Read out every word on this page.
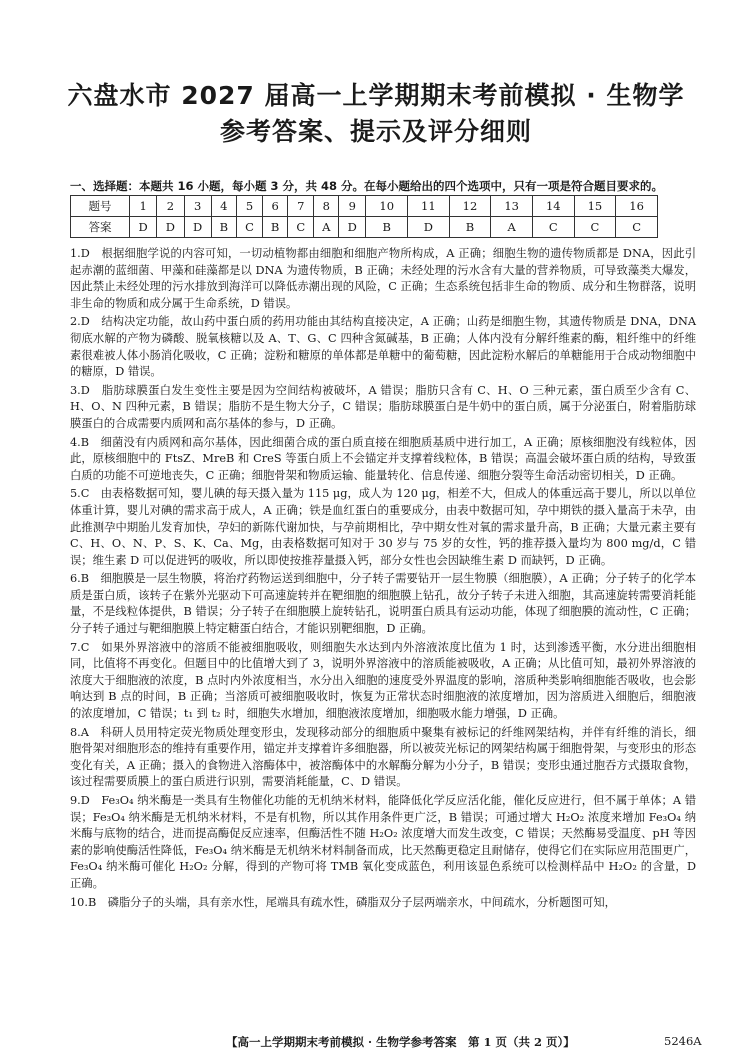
六盘水市 2027 届高一上学期期末考前模拟 · 生物学
参考答案、提示及评分细则
一、选择题：本题共 16 小题，每小题 3 分，共 48 分。在每小题给出的四个选项中，只有一项是符合题目要求的。
题号	1	2	3	4	5	6	7	8	9	10	11	12	13	14	15	16
答案	D	D	D	B	C	B	C	A	D	B	D	B	A	C	C	C

1.D　根据细胞学说的内容可知，一切动植物都由细胞和细胞产物所构成，A 正确；细胞生物的遗传物质都是 DNA，因此引起赤潮的蓝细菌、甲藻和硅藻都是以 DNA 为遗传物质，B 正确；未经处理的污水含有大量的营养物质，可导致藻类大爆发，因此禁止未经处理的污水排放到海洋可以降低赤潮出现的风险，C 正确；生态系统包括非生命的物质、成分和生物群落，说明非生命的物质和成分属于生命系统，D 错误。

2.D　结构决定功能，故山药中蛋白质的药用功能由其结构直接决定，A 正确；山药是细胞生物，其遗传物质是 DNA，DNA 彻底水解的产物为磷酸、脱氧核糖以及 A、T、G、C 四种含氮碱基，B 正确；人体内没有分解纤维素的酶，粗纤维中的纤维素很难被人体小肠消化吸收，C 正确；淀粉和糖原的单体都是单糖中的葡萄糖，因此淀粉水解后的单糖能用于合成动物细胞中的糖原，D 错误。

3.D　脂肪球膜蛋白发生变性主要是因为空间结构被破坏，A 错误；脂肪只含有 C、H、O 三种元素，蛋白质至少含有 C、H、O、N 四种元素，B 错误；脂肪不是生物大分子，C 错误；脂肪球膜蛋白是牛奶中的蛋白质，属于分泌蛋白，附着脂肪球膜蛋白的合成需要内质网和高尔基体的参与，D 正确。

4.B　细菌没有内质网和高尔基体，因此细菌合成的蛋白质直接在细胞质基质中进行加工，A 正确；原核细胞没有线粒体，因此，原核细胞中的 FtsZ、MreB 和 CreS 等蛋白质上不会锚定并支撑着线粒体，B 错误；高温会破坏蛋白质的结构，导致蛋白质的功能不可逆地丧失，C 正确；细胞骨架和物质运输、能量转化、信息传递、细胞分裂等生命活动密切相关，D 正确。

5.C　由表格数据可知，婴儿碘的每天摄入量为 115 μg，成人为 120 μg，相差不大，但成人的体重远高于婴儿，所以以单位体重计算，婴儿对碘的需求高于成人，A 正确；铁是血红蛋白的重要成分，由表中数据可知，孕中期铁的摄入量高于未孕，由此推测孕中期胎儿发育加快，孕妇的新陈代谢加快，与孕前期相比，孕中期女性对氧的需求量升高，B 正确；大量元素主要有 C、H、O、N、P、S、K、Ca、Mg，由表格数据可知对于 30 岁与 75 岁的女性，钙的推荐摄入量均为 800 mg/d，C 错误；维生素 D 可以促进钙的吸收，所以即使按推荐量摄入钙，部分女性也会因缺维生素 D 而缺钙，D 正确。

6.B　细胞膜是一层生物膜，将治疗药物运送到细胞中，分子转子需要钻开一层生物膜（细胞膜），A 正确；分子转子的化学本质是蛋白质，该转子在紫外光驱动下可高速旋转并在靶细胞的细胞膜上钻孔，故分子转子未进入细胞，其高速旋转需要消耗能量，不是线粒体提供，B 错误；分子转子在细胞膜上旋转钻孔，说明蛋白质具有运动功能，体现了细胞膜的流动性，C 正确；分子转子通过与靶细胞膜上特定糖蛋白结合，才能识别靶细胞，D 正确。

7.C　如果外界溶液中的溶质不能被细胞吸收，则细胞失水达到内外溶液浓度比值为 1 时，达到渗透平衡，水分进出细胞相同，比值将不再变化。但题目中的比值增大到了 3，说明外界溶液中的溶质能被吸收，A 正确；从比值可知，最初外界溶液的浓度大于细胞液的浓度，B 点时内外浓度相当，水分出入细胞的速度受外界温度的影响，溶质种类影响细胞能否吸收，也会影响达到 B 点的时间，B 正确；当溶质可被细胞吸收时，恢复为正常状态时细胞液的浓度增加，因为溶质进入细胞后，细胞液的浓度增加，C 错误；t₁ 到 t₂ 时，细胞失水增加，细胞液浓度增加，细胞吸水能力增强，D 正确。

8.A　科研人员用特定荧光物质处理变形虫，发现移动部分的细胞质中聚集有被标记的纤维网架结构，并伴有纤维的消长，细胞骨架对细胞形态的维持有重要作用，锚定并支撑着许多细胞器，所以被荧光标记的网架结构属于细胞骨架，与变形虫的形态变化有关，A 正确；摄入的食物进入溶酶体中，被溶酶体中的水解酶分解为小分子，B 错误；变形虫通过胞吞方式摄取食物，该过程需要质膜上的蛋白质进行识别，需要消耗能量，C、D 错误。

9.D　Fe₃O₄ 纳米酶是一类具有生物催化功能的无机纳米材料，能降低化学反应活化能，催化反应进行，但不属于单体；A 错误；Fe₃O₄ 纳米酶是无机纳米材料，不是有机物，所以其作用条件更广泛，B 错误；可通过增大 H₂O₂ 浓度来增加 Fe₃O₄ 纳米酶与底物的结合，进而提高酶促反应速率，但酶活性不随 H₂O₂ 浓度增大而发生改变，C 错误；天然酶易受温度、pH 等因素的影响使酶活性降低，Fe₃O₄ 纳米酶是无机纳米材料制备而成，比天然酶更稳定且耐储存，使得它们在实际应用范围更广，Fe₃O₄ 纳米酶可催化 H₂O₂ 分解，得到的产物可将 TMB 氧化变成蓝色，利用该显色系统可以检测样品中 H₂O₂ 的含量，D 正确。

10.B　磷脂分子的头端，具有亲水性，尾端具有疏水性，磷脂双分子层两端亲水，中间疏水，分析题图可知，

【高一上学期期末考前模拟 · 生物学参考答案　第 1 页（共 2 页）】	5246A
